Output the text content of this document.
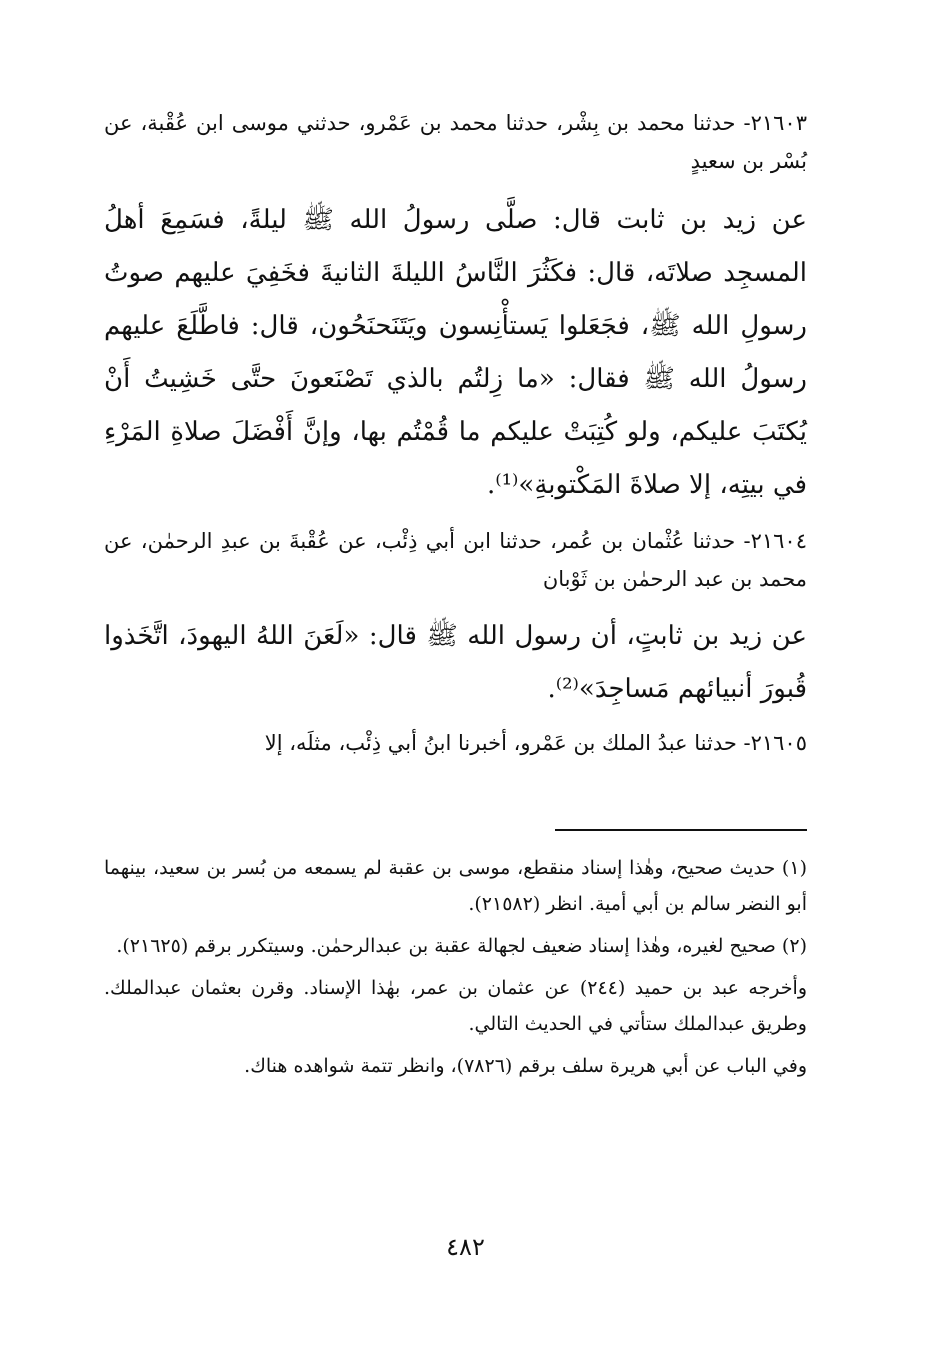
٢١٦٠٣- حدثنا محمد بن بِشْر، حدثنا محمد بن عَمْرو، حدثني موسى ابن عُقْبة، عن بُسْر بن سعيدٍ

عن زيد بن ثابت قال: صلَّى رسولُ الله ﷺ ليلةً، فسَمِعَ أهلُ المسجِد صلاتَه، قال: فكَثُرَ النَّاسُ الليلةَ الثانيةَ فخَفِيَ عليهم صوتُ رسولِ الله ﷺ، فجَعَلوا يَستأْنِسون ويَتَنَحنَحُون، قال: فاطَّلَعَ عليهم رسولُ الله ﷺ فقال: «ما زِلتُم بالذي تَصْنَعونَ حتَّى خَشِيتُ أَنْ يُكتَبَ عليكم، ولو كُتِبَتْ عليكم ما قُمْتُم بها، وإنَّ أَفْضَلَ صلاةِ المَرْءِ في بيتِه، إلا صلاةَ المَكْتوبةِ»⁽¹⁾.

٢١٦٠٤- حدثنا عُثْمان بن عُمر، حدثنا ابن أبي ذِئْب، عن عُقْبةَ بن عبدِ الرحمٰن، عن محمد بن عبد الرحمٰن بن ثَوْبان

عن زيد بن ثابتٍ، أن رسول الله ﷺ قال: «لَعَنَ اللهُ اليهودَ، اتَّخَذوا قُبورَ أنبيائهم مَساجِدَ»⁽²⁾.

٢١٦٠٥- حدثنا عبدُ الملك بن عَمْرو، أخبرنا ابنُ أبي ذِئْب، مثلَه، إلا

(١) حديث صحيح، وهٰذا إسناد منقطع، موسى بن عقبة لم يسمعه من بُسر بن سعيد، بينهما أبو النضر سالم بن أبي أمية. انظر (٢١٥٨٢).

(٢) صحيح لغيره، وهٰذا إسناد ضعيف لجهالة عقبة بن عبدالرحمٰن. وسيتكرر برقم (٢١٦٢٥).

وأخرجه عبد بن حميد (٢٤٤) عن عثمان بن عمر، بهٰذا الإسناد. وقرن بعثمان عبدالملك. وطريق عبدالملك ستأتي في الحديث التالي.

وفي الباب عن أبي هريرة سلف برقم (٧٨٢٦)، وانظر تتمة شواهده هناك.

٤٨٢
